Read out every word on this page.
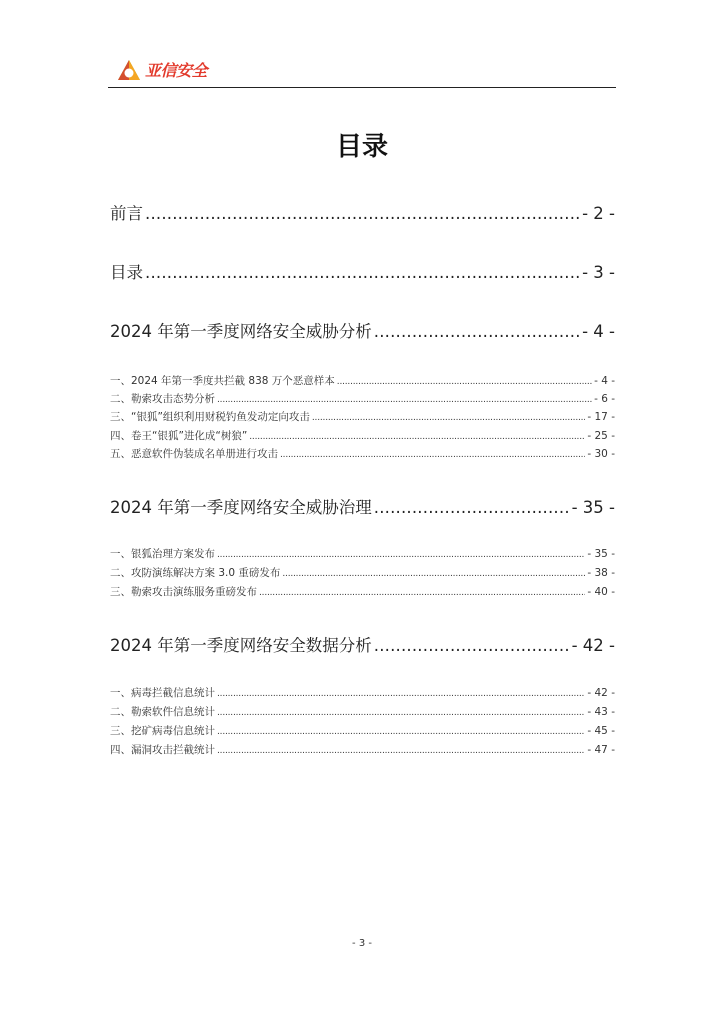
亚信安全
目录
前言 .....	- 2 -
目录 .....	- 3 -
2024 年第一季度网络安全威胁分析 .....	- 4 -
一、2024 年第一季度共拦截 838 万个恶意样本 .....	- 4 -
二、勒索攻击态势分析 .....	- 6 -
三、“银狐”组织利用财税钓鱼发动定向攻击 .....	- 17 -
四、卷王“银狐”进化成“树狼” .....	- 25 -
五、恶意软件伪装成名单册进行攻击 .....	- 30 -
2024 年第一季度网络安全威胁治理 .....	- 35 -
一、银狐治理方案发布 .....	- 35 -
二、攻防演练解决方案 3.0 重磅发布 .....	- 38 -
三、勒索攻击演练服务重磅发布 .....	- 40 -
2024 年第一季度网络安全数据分析 .....	- 42 -
一、病毒拦截信息统计 .....	- 42 -
二、勒索软件信息统计 .....	- 43 -
三、挖矿病毒信息统计 .....	- 45 -
四、漏洞攻击拦截统计 .....	- 47 -
- 3 -
